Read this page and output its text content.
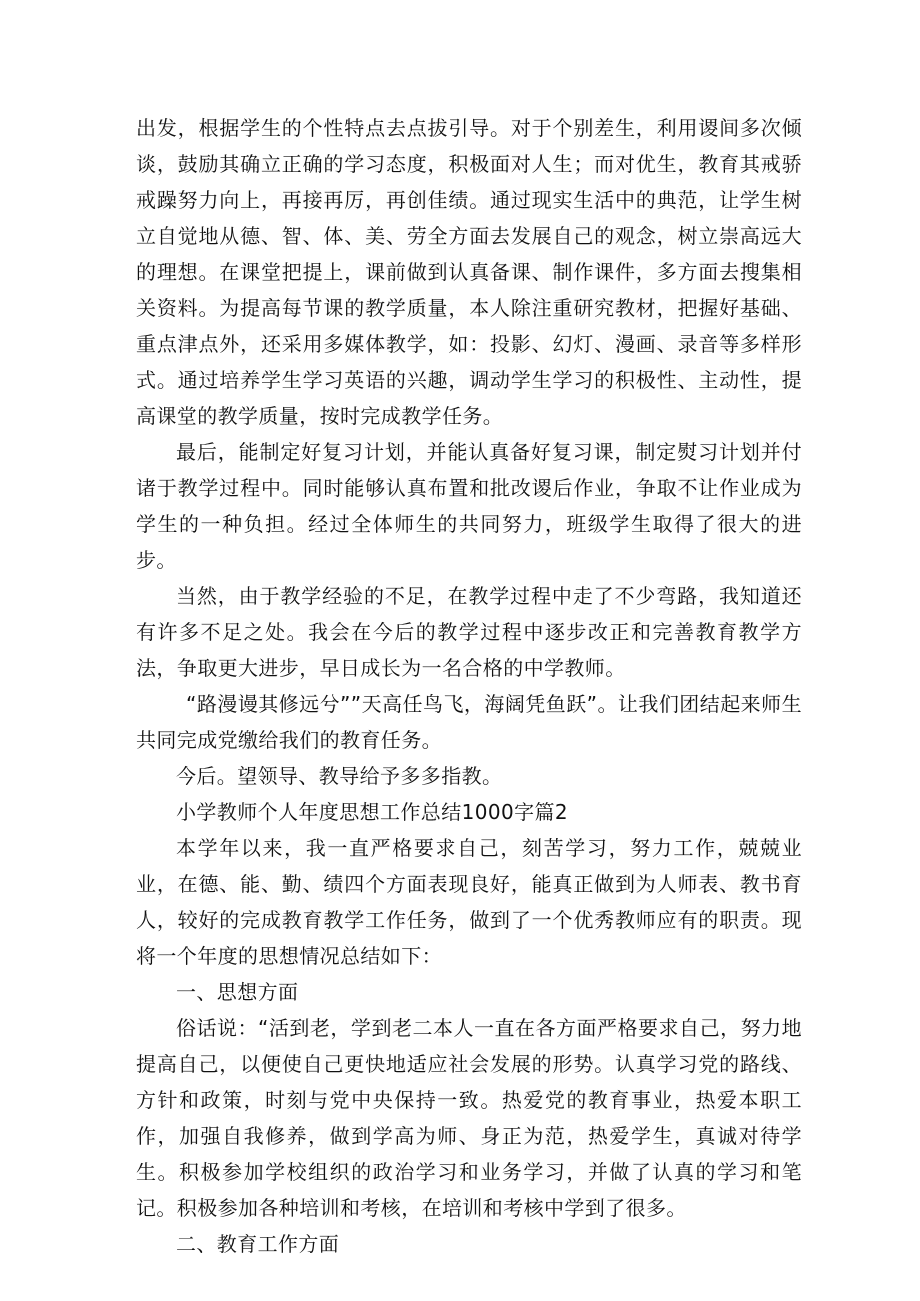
出发，根据学生的个性特点去点拔引导。对于个别差生，利用谡间多次倾谈，鼓励其确立正确的学习态度，积极面对人生；而对优生，教育其戒骄戒躁努力向上，再接再厉，再创佳绩。通过现实生活中的典范，让学生树立自觉地从德、智、体、美、劳全方面去发展自己的观念，树立崇高远大的理想。在课堂把提上，课前做到认真备课、制作课件，多方面去搜集相关资料。为提高每节课的教学质量，本人除注重研究教材，把握好基础、重点津点外，还采用多媒体教学，如：投影、幻灯、漫画、录音等多样形式。通过培养学生学习英语的兴趣，调动学生学习的积极性、主动性，提高课堂的教学质量，按时完成教学任务。

最后，能制定好复习计划，并能认真备好复习课，制定熨习计划并付诸于教学过程中。同时能够认真布置和批改谡后作业，争取不让作业成为学生的一种负担。经过全体师生的共同努力，班级学生取得了很大的进步。

当然，由于教学经验的不足，在教学过程中走了不少弯路，我知道还有许多不足之处。我会在今后的教学过程中逐步改正和完善教育教学方法，争取更大进步，早日成长为一名合格的中学教师。

“路漫谩其修远兮””天高任鸟飞，海阔凭鱼跃”。让我们团结起来师生共同完成党缴给我们的教育任务。

今后。望领导、教导给予多多指教。

小学教师个人年度思想工作总结1000字篇2

本学年以来，我一直严格要求自己，刻苦学习，努力工作，兢兢业业，在德、能、勤、绩四个方面表现良好，能真正做到为人师表、教书育人，较好的完成教育教学工作任务，做到了一个优秀教师应有的职责。现将一个年度的思想情况总结如下：

一、思想方面

俗话说：“活到老，学到老二本人一直在各方面严格要求自己，努力地提高自己，以便使自己更快地适应社会发展的形势。认真学习党的路线、方针和政策，时刻与党中央保持一致。热爱党的教育事业，热爱本职工作，加强自我修养，做到学高为师、身正为范，热爱学生，真诚对待学生。积极参加学校组织的政治学习和业务学习，并做了认真的学习和笔记。积极参加各种培训和考核，在培训和考核中学到了很多。

二、教育工作方面
